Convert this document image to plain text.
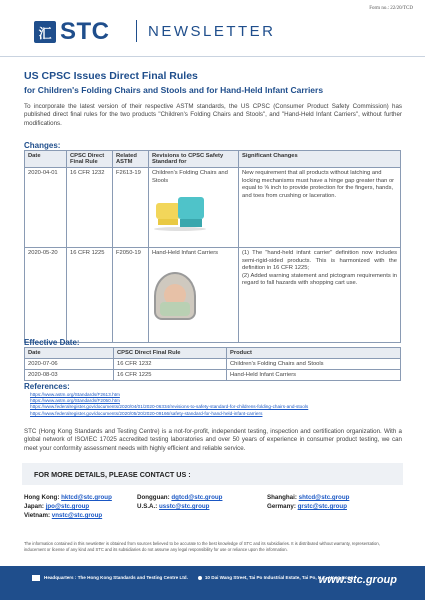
汇 STC	NEWSLETTER
Form no.: 22/20/TCD
US CPSC Issues Direct Final Rules
for Children's Folding Chairs and Stools and for Hand-Held Infant Carriers
To incorporate the latest version of their respective ASTM standards, the US CPSC (Consumer Product Safety Commission) has published direct final rules for the two products "Children's Folding Chairs and Stools", and "Hand-Held Infant Carriers", without further modifications.
Changes:
Date	CPSC Direct Final Rule	Related ASTM	Revisions to CPSC Safety Standard for	Significant Changes
2020-04-01	16 CFR 1232	F2613-19	Children's Folding Chairs and Stools	New requirement that all products without latching and locking mechanisms must have a hinge gap greater than or equal to ⅝ inch to provide protection for the fingers, hands, and toes from crushing or laceration.
2020-05-20	16 CFR 1225	F2050-19	Hand-Held Infant Carriers	(1) The "hand-held infant carrier" definition now includes semi-rigid-sided products. This is harmonized with the definition in 16 CFR 1225;
(2) Added warning statement and pictogram requirements in regard to fall hazards with shopping cart use.
Effective Date:
Date	CPSC Direct Final Rule	Product
2020-07-06	16 CFR 1232	Children's Folding Chairs and Stools
2020-08-03	16 CFR 1225	Hand-Held Infant Carriers
References:
https://www.astm.org/Standards/F2613.htm
https://www.astm.org/Standards/F2050.htm
https://www.federalregister.gov/documents/2020/04/01/2020-06334/revisions-to-safety-standard-for-childrens-folding-chairs-and-stools
https://www.federalregister.gov/documents/2020/05/20/2020-09166/safety-standard-for-hand-held-infant-carriers
STC (Hong Kong Standards and Testing Centre) is a not-for-profit, independent testing, inspection and certification organization. With a global network of ISO/IEC 17025 accredited testing laboratories and over 50 years of experience in consumer product testing, we can meet your conformity assessment needs with highly efficient and reliable service.
FOR MORE DETAILS, PLEASE CONTACT US :
Hong Kong: hktcd@stc.group	Dongguan: dgtcd@stc.group	Shanghai: shtcd@stc.group
Japan: jpo@stc.group	U.S.A.: usstc@stc.group	Germany: grstc@stc.group
Vietnam: vnstc@stc.group
The information contained in this newsletter is obtained from sources believed to be accurate to the best knowledge of STC and its subsidiaries. It is distributed without warranty, representation, inducement or license of any kind and STC and its subsidiaries do not assume any legal responsibility for use or reliance upon the information.
Headquarters : The Hong Kong Standards and Testing Centre Ltd.	10 Dai Wang Street, Tai Po Industrial Estate, Tai Po, N.T., Hong Kong
www.stc.group
